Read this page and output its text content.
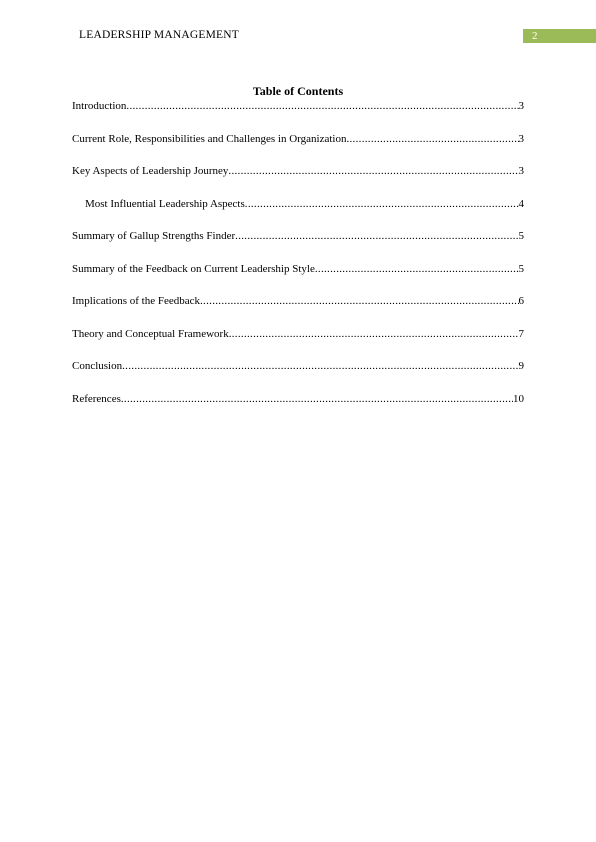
LEADERSHIP MANAGEMENT	2
Table of Contents
Introduction .....	3
Current Role, Responsibilities and Challenges in Organization .....	3
Key Aspects of Leadership Journey .....	3
Most Influential Leadership Aspects .....	4
Summary of Gallup Strengths Finder .....	5
Summary of the Feedback on Current Leadership Style .....	5
Implications of the Feedback .....	6
Theory and Conceptual Framework .....	7
Conclusion .....	9
References .....	10
